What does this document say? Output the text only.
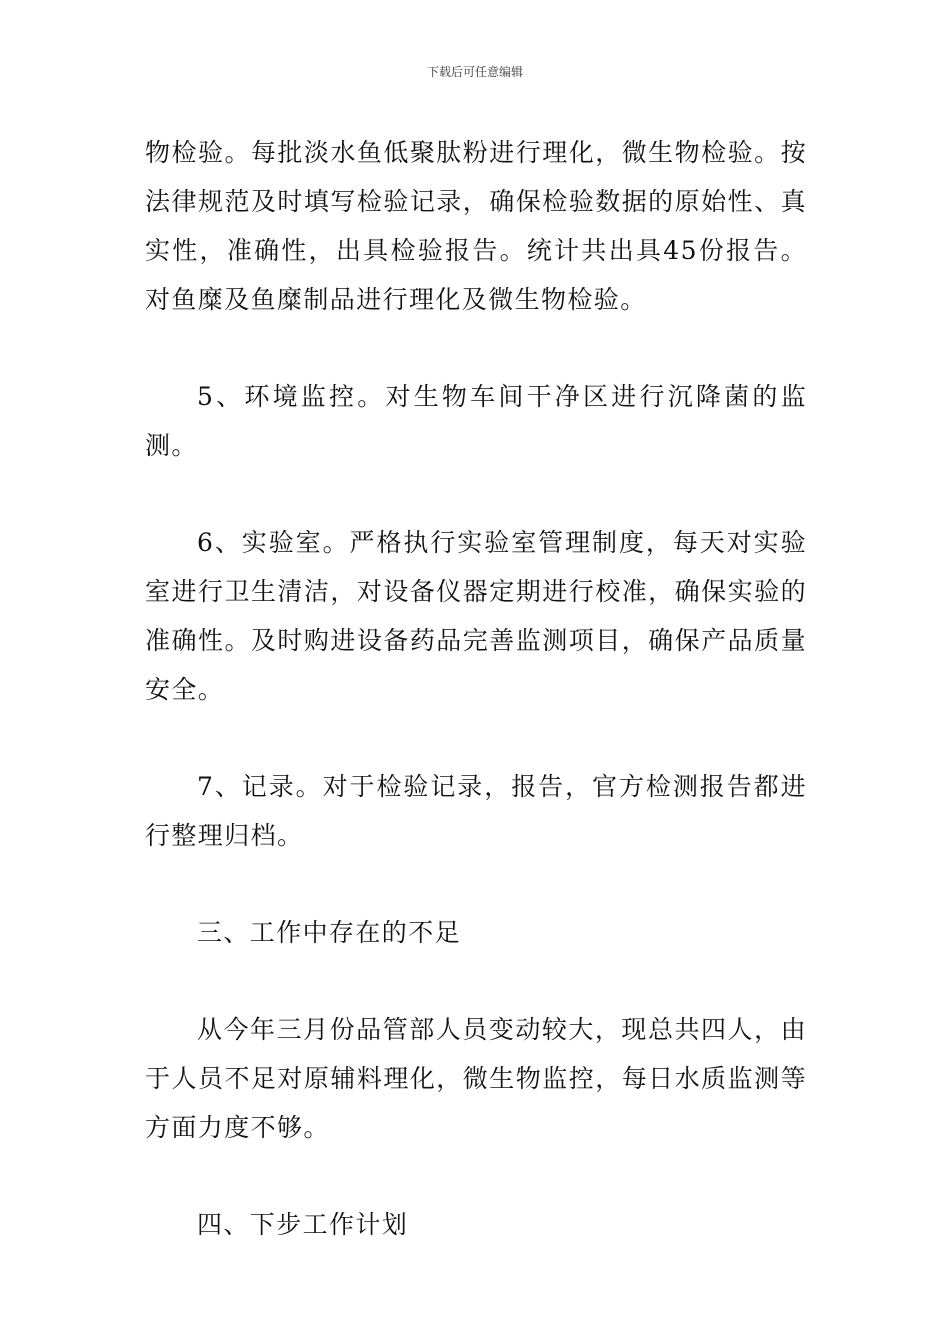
下载后可任意编辑

物检验。每批淡水鱼低聚肽粉进行理化，微生物检验。按法律规范及时填写检验记录，确保检验数据的原始性、真实性，准确性，出具检验报告。统计共出具45份报告。对鱼糜及鱼糜制品进行理化及微生物检验。

5、环境监控。对生物车间干净区进行沉降菌的监测。

6、实验室。严格执行实验室管理制度，每天对实验室进行卫生清洁，对设备仪器定期进行校准，确保实验的准确性。及时购进设备药品完善监测项目，确保产品质量安全。

7、记录。对于检验记录，报告，官方检测报告都进行整理归档。

三、工作中存在的不足

从今年三月份品管部人员变动较大，现总共四人，由于人员不足对原辅料理化，微生物监控，每日水质监测等方面力度不够。

四、下步工作计划
